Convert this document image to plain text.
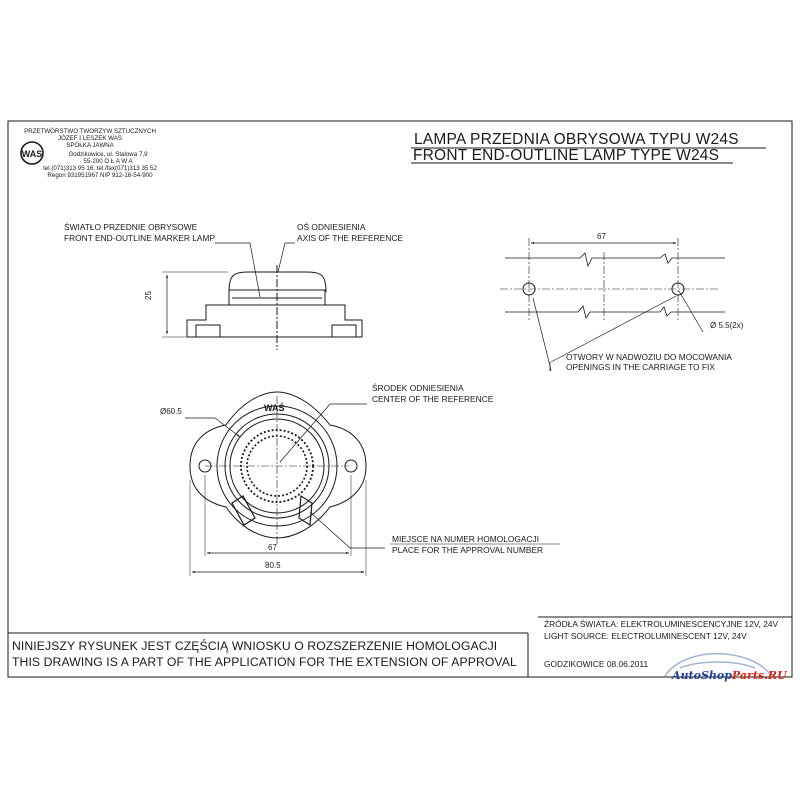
WAS
PRZETWÓRSTWO TWORZYW SZTUCZNYCH
JÓZEF I LESZEK WAS
SPÓŁKA JAWNA
Godzikowice, ul. Stalowa 7,9
55-200 O Ł A W A
tel.(071)313 95 16, tel./fax(071)313 35 52
Regon 931951967 NIP 912-16-54-900
LAMPA PRZEDNIA OBRYSOWA TYPU W24S
FRONT END-OUTLINE LAMP TYPE W24S
ŚWIATŁO PRZEDNIE OBRYSOWE
FRONT END-OUTLINE MARKER LAMP
OŚ ODNIESIENIA
AXIS OF THE REFERENCE
25
Ø60.5	WAŚ
ŚRODEK ODNIESIENIA
CENTER OF THE REFERENCE
MIEJSCE NA NUMER HOMOLOGACJI
PLACE FOR THE APPROVAL NUMBER
67
80.5
67
Ø 5.5(2x)
OTWORY W NADWOZIU DO MOCOWANIA
OPENINGS IN THE CARRIAGE TO FIX
ŹRÓDŁA ŚWIATŁA: ELEKTROLUMINESCENCYJNE 12V, 24V
LIGHT SOURCE: ELECTROLUMINESCENT 12V, 24V
NINIEJSZY RYSUNEK JEST CZĘŚCIĄ WNIOSKU O ROZSZERZENIE HOMOLOGACJI
THIS DRAWING IS A PART OF THE APPLICATION FOR THE EXTENSION OF APPROVAL	GODZIKOWICE 08.06.2011
AutoShopParts.RU
